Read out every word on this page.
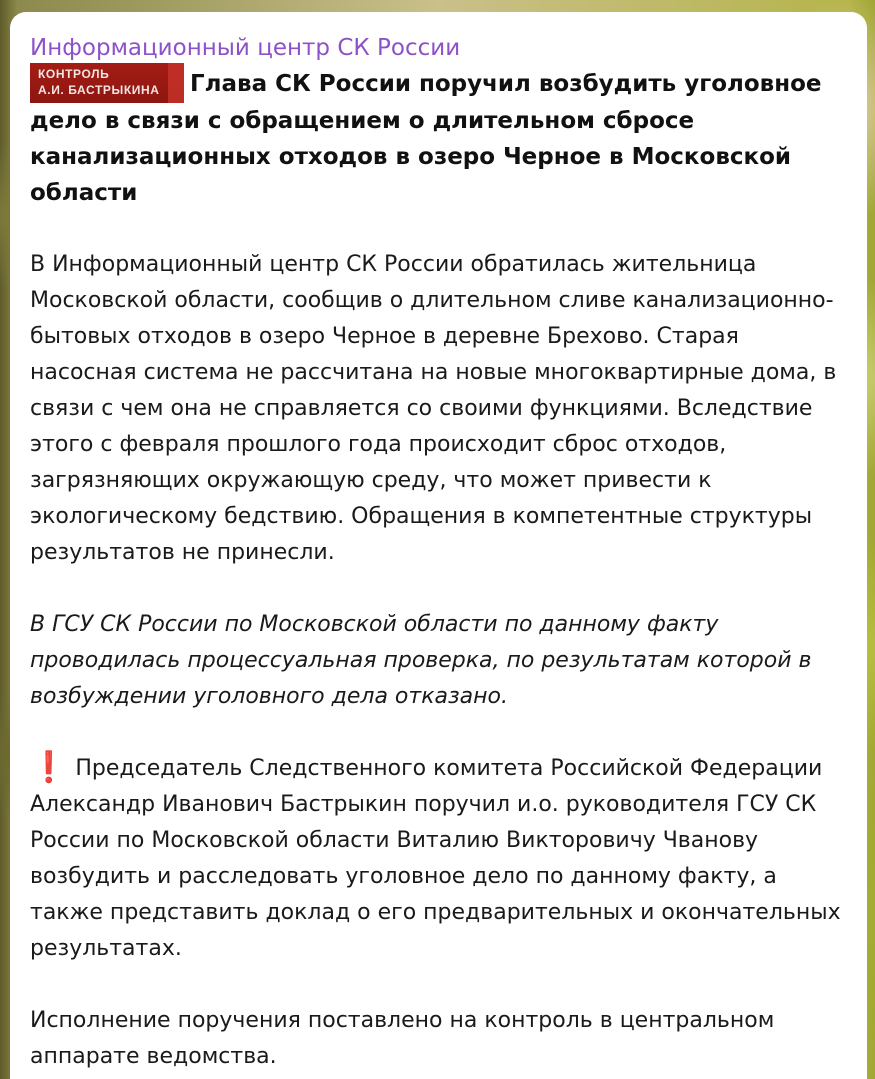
Информационный центр СК России
КОНТРОЛЬ
А.И. БАСТРЫКИНА Глава СК России поручил возбудить уголовное дело в связи с обращением о длительном сбросе канализационных отходов в озеро Черное в Московской области

В Информационный центр СК России обратилась жительница Московской области, сообщив о длительном сливе канализационно-бытовых отходов в озеро Черное в деревне Брехово. Старая насосная система не рассчитана на новые многоквартирные дома, в связи с чем она не справляется со своими функциями. Вследствие этого с февраля прошлого года происходит сброс отходов, загрязняющих окружающую среду, что может привести к экологическому бедствию. Обращения в компетентные структуры результатов не принесли.

В ГСУ СК России по Московской области по данному факту проводилась процессуальная проверка, по результатам которой в возбуждении уголовного дела отказано.

❗ Председатель Следственного комитета Российской Федерации Александр Иванович Бастрыкин поручил и.о. руководителя ГСУ СК России по Московской области Виталию Викторовичу Чванову возбудить и расследовать уголовное дело по данному факту, а также представить доклад о его предварительных и окончательных результатах.

Исполнение поручения поставлено на контроль в центральном аппарате ведомства.
